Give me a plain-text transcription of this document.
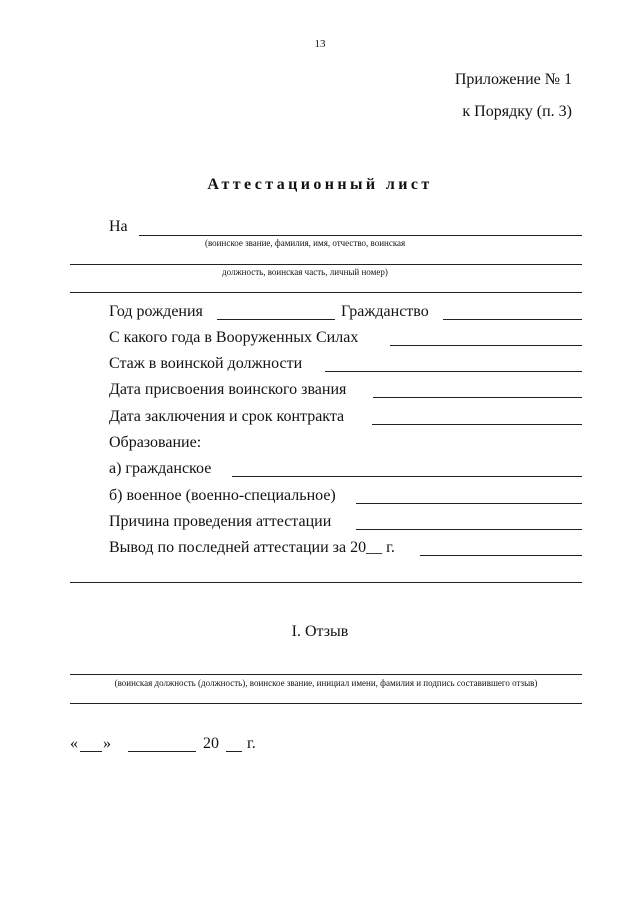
13
Приложение № 1
к Порядку (п. 3)
Аттестационный лист
На
(воинское звание, фамилия, имя, отчество, воинская
должность, воинская часть, личный номер)
Год рождения	Гражданство
С какого года в Вооруженных Силах
Стаж в воинской должности
Дата присвоения воинского звания
Дата заключения и срок контракта
Образование:
а) гражданское
б) военное (военно-специальное)
Причина проведения аттестации
Вывод по последней аттестации за 20__ г.
I. Отзыв
(воинская должность (должность), воинское звание, инициал имени, фамилия и подпись составившего отзыв)
« »	20 г.
